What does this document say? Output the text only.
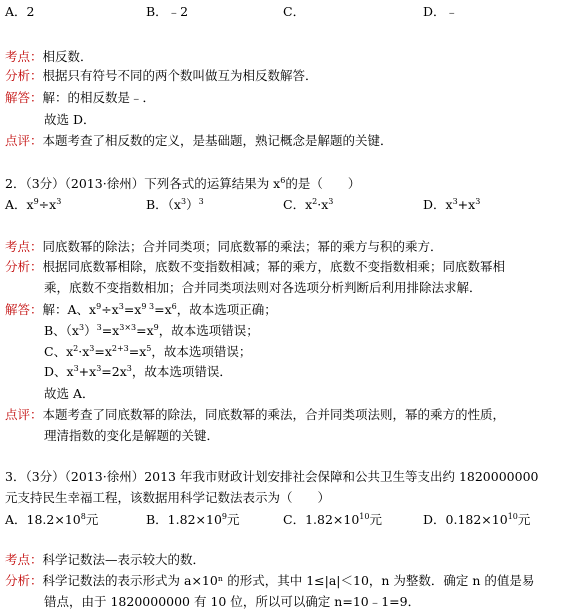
A．2	B．﹣2	C．	D．﹣
考点：相反数．
分析：根据只有符号不同的两个数叫做互为相反数解答．
解答：解：的相反数是﹣．
故选 D．
点评：本题考查了相反数的定义，是基础题，熟记概念是解题的关键．
2．（3分）（2013·徐州）下列各式的运算结果为 $x^6$的是（　　）
A．$x^9\div x^3$	B．$(x^3)^3$	C．$x^2\cdot x^3$	D．$x^3+x^3$
考点：同底数幂的除法；合并同类项；同底数幂的乘法；幂的乘方与积的乘方．
分析：根据同底数幂相除，底数不变指数相减；幂的乘方，底数不变指数相乘；同底数幂相
乘，底数不变指数相加；合并同类项法则对各选项分析判断后利用排除法求解．
解答：解：A、$x^9\div x^3=x^{9 3}=x^6$，故本选项正确；
B、$(x^3)^3=x^{3\times 3}=x^9$，故本选项错误；
C、$x^2\cdot x^3=x^{2+3}=x^5$，故本选项错误；
D、$x^3+x^3=2x^3$，故本选项错误．
故选 A．
点评：本题考查了同底数幂的除法，同底数幂的乘法，合并同类项法则，幂的乘方的性质，
理清指数的变化是解题的关键．
3．（3分）（2013·徐州）2013 年我市财政计划安排社会保障和公共卫生等支出约 1820000000
元支持民生幸福工程，该数据用科学记数法表示为（　　）
A．$18.2\times 10^8$元	B．$1.82\times 10^9$元	C．$1.82\times 10^{10}$元	D．$0.182\times 10^{10}$元
考点：科学记数法—表示较大的数．
分析：科学记数法的表示形式为 a×10ⁿ 的形式，其中 1≤|a|＜10，n 为整数．确定 n 的值是易
错点，由于 1820000000 有 10 位，所以可以确定 n=10﹣1=9．
